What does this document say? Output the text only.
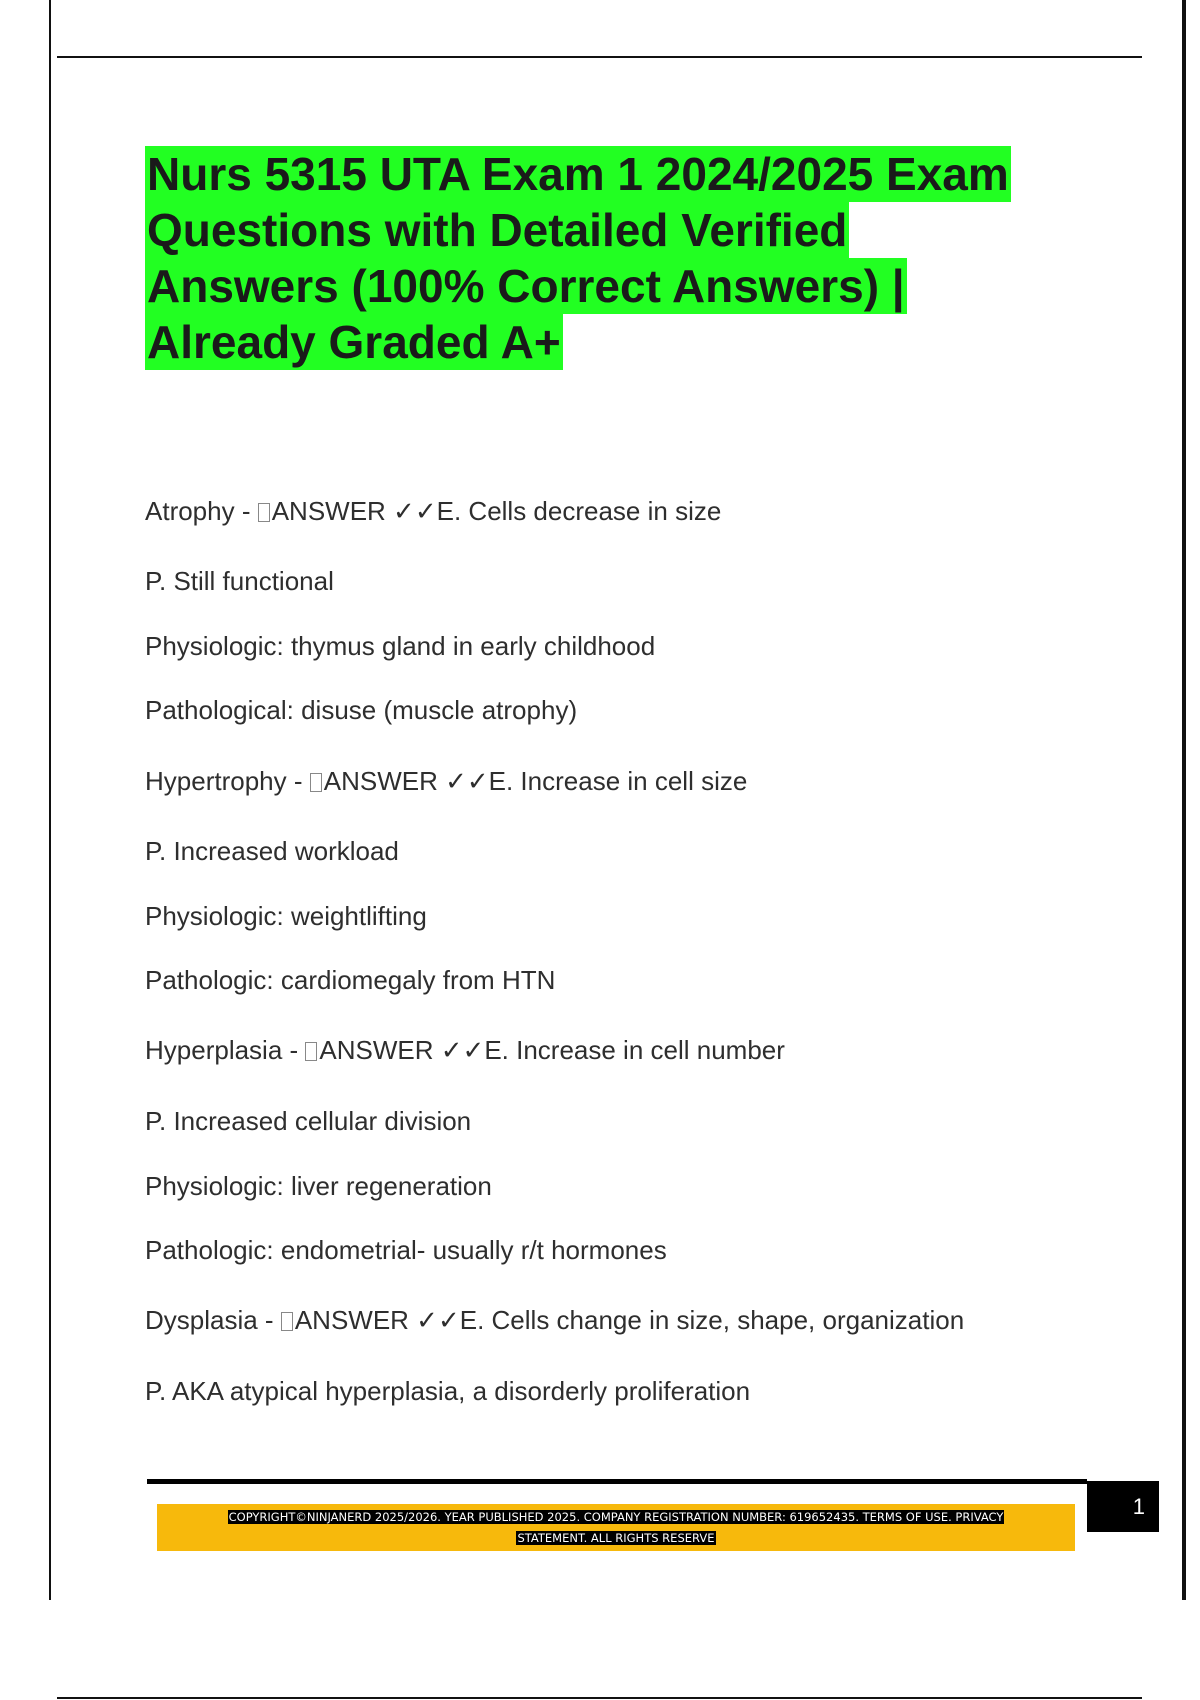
Nurs 5315 UTA Exam 1 2024/2025 Exam
Questions with Detailed Verified
Answers (100% Correct Answers) |
Already Graded A+
Atrophy - ANSWER ✓✓E. Cells decrease in size
P. Still functional
Physiologic: thymus gland in early childhood
Pathological: disuse (muscle atrophy)
Hypertrophy - ANSWER ✓✓E. Increase in cell size
P. Increased workload
Physiologic: weightlifting
Pathologic: cardiomegaly from HTN
Hyperplasia - ANSWER ✓✓E. Increase in cell number
P. Increased cellular division
Physiologic: liver regeneration
Pathologic: endometrial- usually r/t hormones
Dysplasia - ANSWER ✓✓E. Cells change in size, shape, organization
P. AKA atypical hyperplasia, a disorderly proliferation
1
COPYRIGHT©NINJANERD 2025/2026. YEAR PUBLISHED 2025. COMPANY REGISTRATION NUMBER: 619652435. TERMS OF USE. PRIVACY
STATEMENT. ALL RIGHTS RESERVE
